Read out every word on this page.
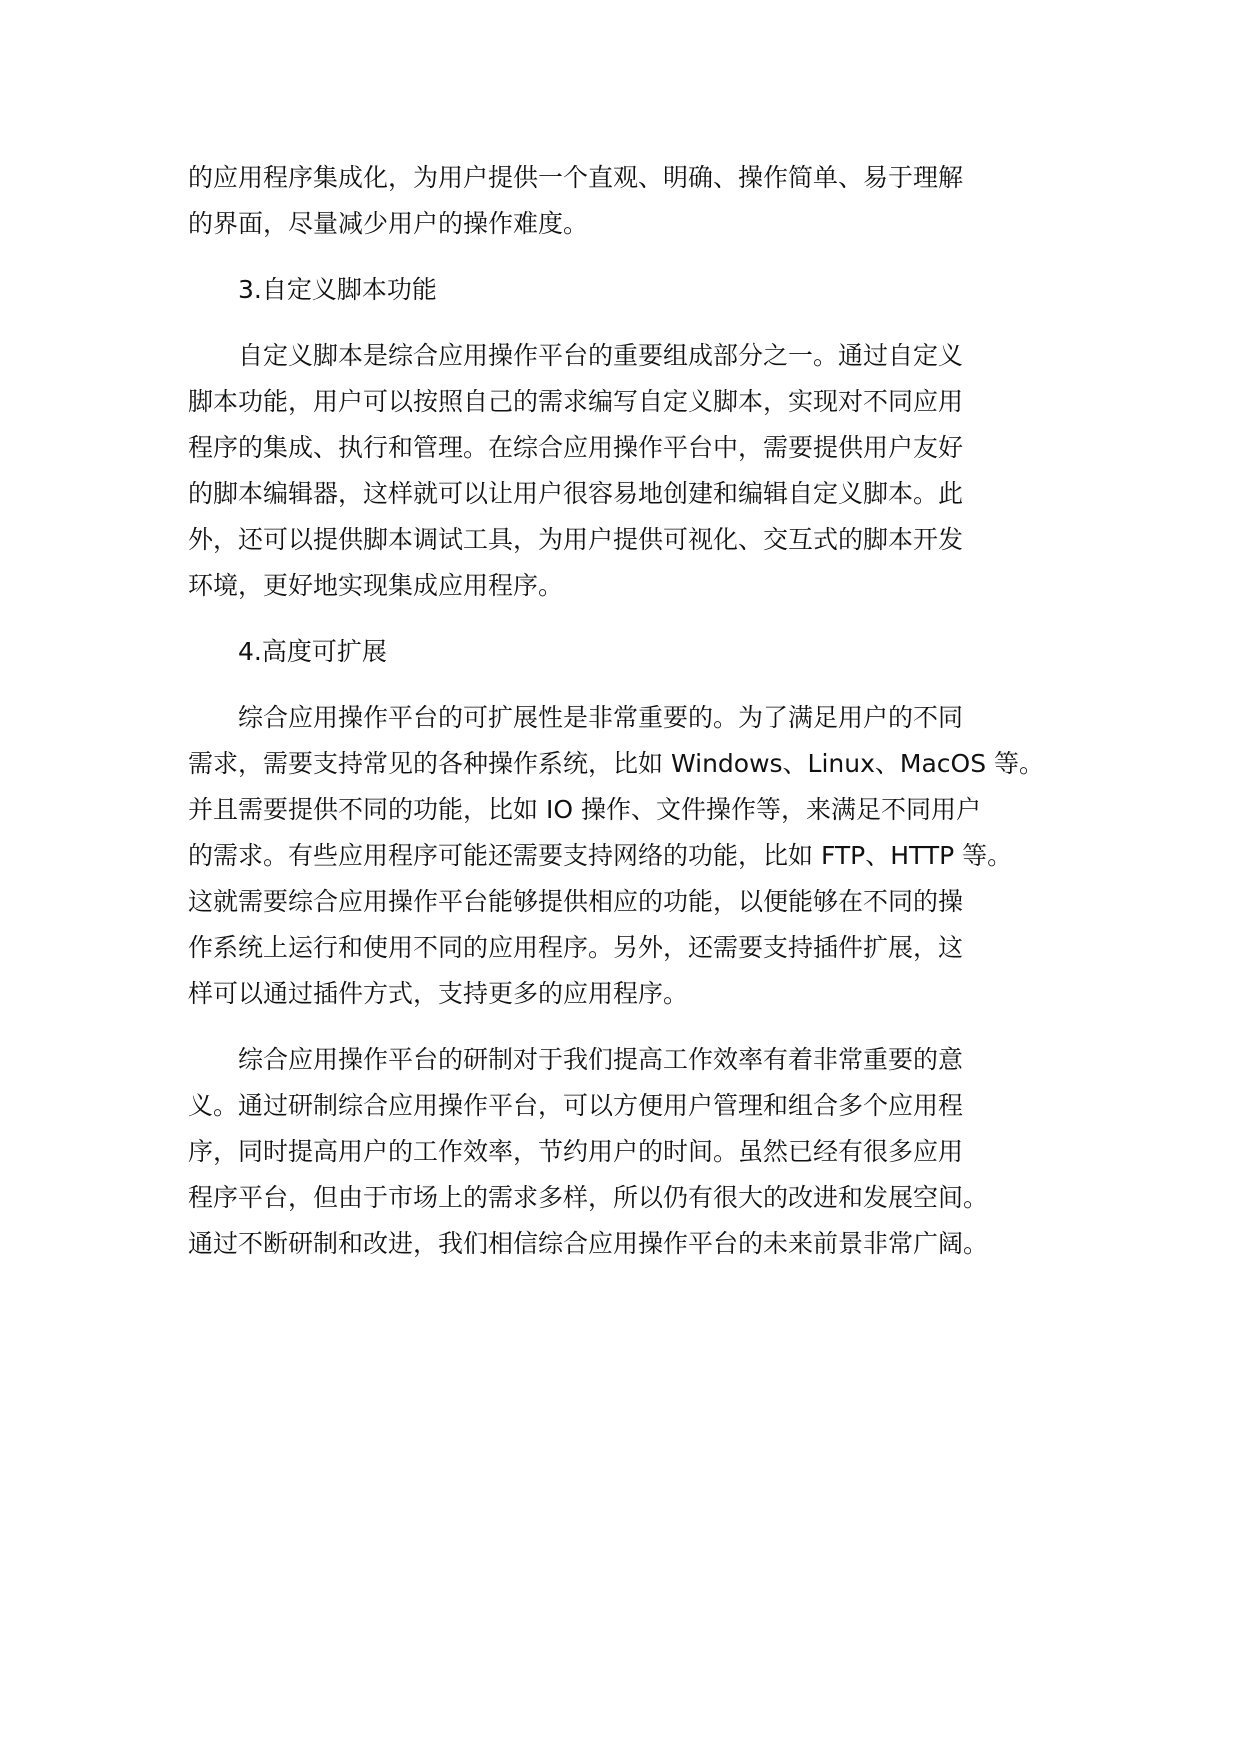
的应用程序集成化，为用户提供一个直观、明确、操作简单、易于理解
的界面，尽量减少用户的操作难度。

3.自定义脚本功能

自定义脚本是综合应用操作平台的重要组成部分之一。通过自定义
脚本功能，用户可以按照自己的需求编写自定义脚本，实现对不同应用
程序的集成、执行和管理。在综合应用操作平台中，需要提供用户友好
的脚本编辑器，这样就可以让用户很容易地创建和编辑自定义脚本。此
外，还可以提供脚本调试工具，为用户提供可视化、交互式的脚本开发
环境，更好地实现集成应用程序。

4.高度可扩展

综合应用操作平台的可扩展性是非常重要的。为了满足用户的不同
需求，需要支持常见的各种操作系统，比如 Windows、Linux、MacOS 等。
并且需要提供不同的功能，比如 IO 操作、文件操作等，来满足不同用户
的需求。有些应用程序可能还需要支持网络的功能，比如 FTP、HTTP 等。
这就需要综合应用操作平台能够提供相应的功能，以便能够在不同的操
作系统上运行和使用不同的应用程序。另外，还需要支持插件扩展，这
样可以通过插件方式，支持更多的应用程序。

综合应用操作平台的研制对于我们提高工作效率有着非常重要的意
义。通过研制综合应用操作平台，可以方便用户管理和组合多个应用程
序，同时提高用户的工作效率，节约用户的时间。虽然已经有很多应用
程序平台，但由于市场上的需求多样，所以仍有很大的改进和发展空间。
通过不断研制和改进，我们相信综合应用操作平台的未来前景非常广阔。
